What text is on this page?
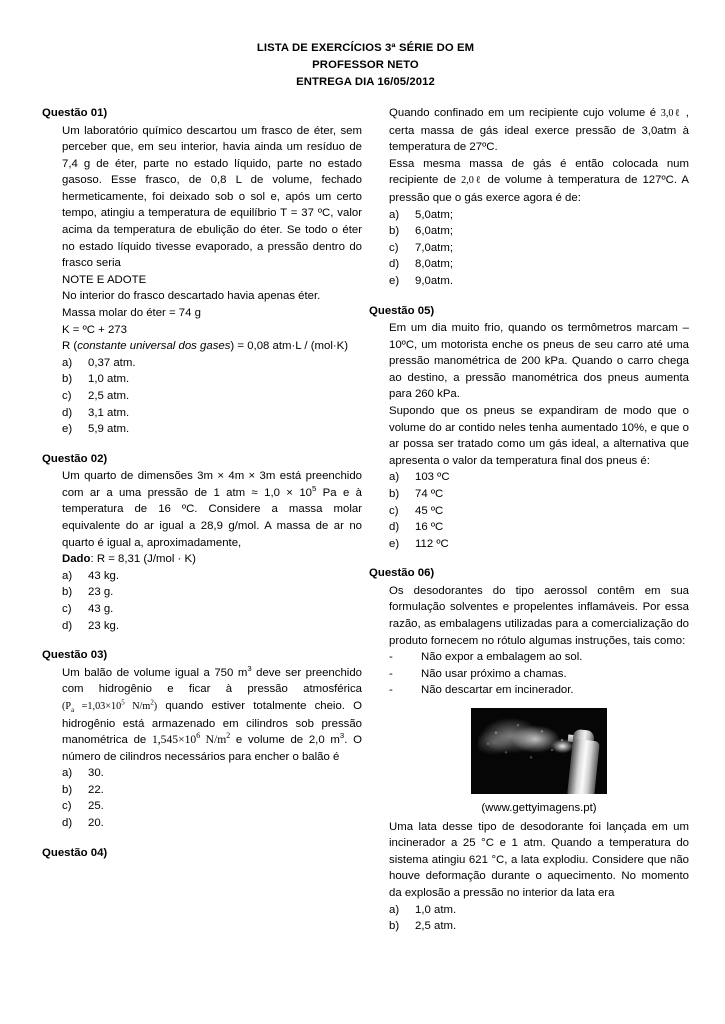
LISTA DE EXERCÍCIOS 3ª SÉRIE DO EM
PROFESSOR NETO
ENTREGA DIA 16/05/2012
Questão 01)

Um laboratório químico descartou um frasco de éter, sem perceber que, em seu interior, havia ainda um resíduo de 7,4 g de éter, parte no estado líquido, parte no estado gasoso. Esse frasco, de 0,8 L de volume, fechado hermeticamente, foi deixado sob o sol e, após um certo tempo, atingiu a temperatura de equilíbrio T = 37 ºC, valor acima da temperatura de ebulição do éter. Se todo o éter no estado líquido tivesse evaporado, a pressão dentro do frasco seria

NOTE E ADOTE

No interior do frasco descartado havia apenas éter.

Massa molar do éter = 74 g

K = ºC + 273

R (constante universal dos gases) = 0,08 atm·L / (mol·K)

a)	0,37 atm.
b)	1,0 atm.
c)	2,5 atm.
d)	3,1 atm.
e)	5,9 atm.
Questão 02)

Um quarto de dimensões 3m × 4m × 3m está preenchido com ar a uma pressão de 1 atm ≈ $1,0 \times 10^5$ Pa e à temperatura de 16 ºC. Considere a massa molar equivalente do ar igual a 28,9 g/mol. A massa de ar no quarto é igual a, aproximadamente,

Dado: R = 8,31 (J/mol · K)

a)	43 kg.
b)	23 g.
c)	43 g.
d)	23 kg.
Questão 03)

Um balão de volume igual a 750 $m^3$ deve ser preenchido com hidrogênio e ficar à pressão atmosférica ($P_a =1,03\times 10^5$ $N/m^2$) quando estiver totalmente cheio. O hidrogênio está armazenado em cilindros sob pressão manométrica de $1,545\times 10^6$ $N/m^2$ e volume de 2,0 $m^3$. O número de cilindros necessários para encher o balão é

a)	30.
b)	22.
c)	25.
d)	20.
Questão 04)

Quando confinado em um recipiente cujo volume é 3,0ℓ , certa massa de gás ideal exerce pressão de 3,0atm à temperatura de 27ºC.

Essa mesma massa de gás é então colocada num recipiente de 2,0ℓ de volume à temperatura de 127ºC. A pressão que o gás exerce agora é de:

a)	5,0atm;
b)	6,0atm;
c)	7,0atm;
d)	8,0atm;
e)	9,0atm.
Questão 05)

Em um dia muito frio, quando os termômetros marcam –10ºC, um motorista enche os pneus de seu carro até uma pressão manométrica de 200 kPa. Quando o carro chega ao destino, a pressão manométrica dos pneus aumenta para 260 kPa.

Supondo que os pneus se expandiram de modo que o volume do ar contido neles tenha aumentado 10%, e que o ar possa ser tratado como um gás ideal, a alternativa que apresenta o valor da temperatura final dos pneus é:

a)	103 ºC
b)	74 ºC
c)	45 ºC
d)	16 ºC
e)	112 ºC
Questão 06)

Os desodorantes do tipo aerossol contêm em sua formulação solventes e propelentes inflamáveis. Por essa razão, as embalagens utilizadas para a comercialização do produto fornecem no rótulo algumas instruções, tais como:

-	Não expor a embalagem ao sol.
-	Não usar próximo a chamas.
-	Não descartar em incinerador.

(www.gettyimagens.pt)

Uma lata desse tipo de desodorante foi lançada em um incinerador a 25 °C e 1 atm. Quando a temperatura do sistema atingiu 621 °C, a lata explodiu. Considere que não houve deformação durante o aquecimento. No momento da explosão a pressão no interior da lata era

a)	1,0 atm.
b)	2,5 atm.
